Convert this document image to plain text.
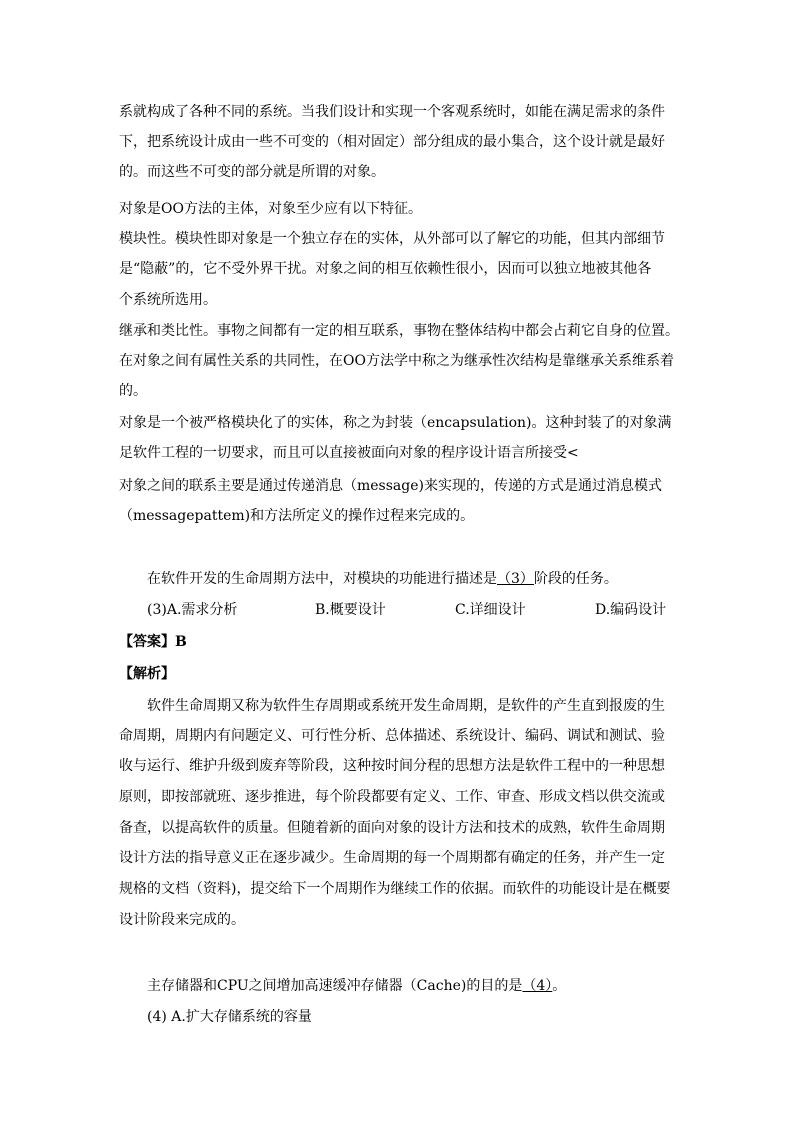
系就构成了各种不同的系统。当我们设计和实现一个客观系统时，如能在满足需求的条件
下，把系统设计成由一些不可变的（相对固定）部分组成的最小集合，这个设计就是最好
的。而这些不可变的部分就是所谓的对象。
对象是OO方法的主体，对象至少应有以下特征。
模块性。模块性即对象是一个独立存在的实体，从外部可以了解它的功能，但其内部细节
是“隐蔽”的，它不受外界干扰。对象之间的相互依赖性很小，因而可以独立地被其他各
个系统所选用。
继承和类比性。事物之间都有一定的相互联系，事物在整体结构中都会占莉它自身的位置。
在对象之间有属性关系的共同性，在OO方法学中称之为继承性次结构是靠继承关系维系着
的。
对象是一个被严格模块化了的实体，称之为封装（encapsulation)。这种封装了的对象满
足软件工程的一切要求，而且可以直接被面向对象的程序设计语言所接受<
对象之间的联系主要是通过传递消息（message)来实现的，传递的方式是通过消息模式
（messagepattem)和方法所定义的操作过程来完成的。
在软件开发的生命周期方法中，对模块的功能进行描述是（3）阶段的任务。
(3)A.需求分析	B.概要设计	C.详细设计	D.编码设计
【答案】B
【解析】
软件生命周期又称为软件生存周期或系统开发生命周期，是软件的产生直到报废的生
命周期，周期内有问题定义、可行性分析、总体描述、系统设计、编码、调试和测试、验
收与运行、维护升级到废弃等阶段，这种按时间分程的思想方法是软件工程中的一种思想
原则，即按部就班、逐步推进，每个阶段都要有定义、工作、审查、形成文档以供交流或
备查，以提高软件的质量。但随着新的面向对象的设计方法和技术的成熟，软件生命周期
设计方法的指导意义正在逐步减少。生命周期的每一个周期都有确定的任务，并产生一定
规格的文档（资料)，提交给下一个周期作为继续工作的依据。而软件的功能设计是在概要
设计阶段来完成的。
主存储器和CPU之间增加高速缓冲存储器（Cache)的目的是（4）。
(4) A.扩大存储系统的容量
